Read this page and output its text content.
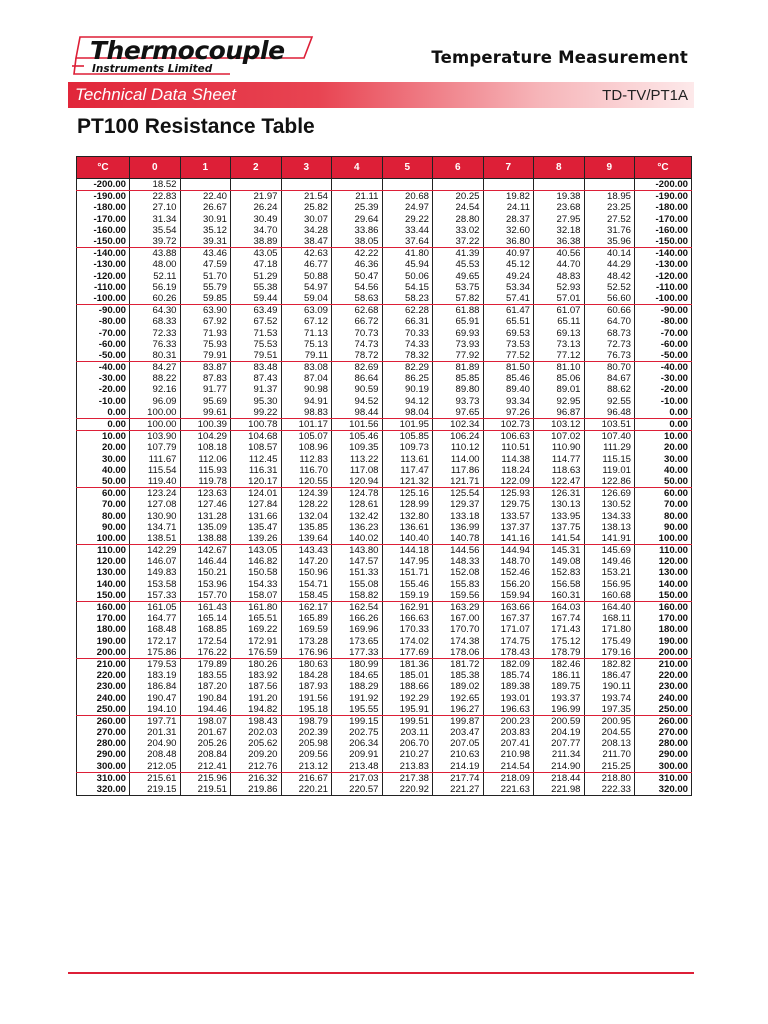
Thermocouple
Instruments Limited
Temperature Measurement
Technical Data Sheet	TD-TV/PT1A
PT100 Resistance Table
°C	0	1	2	3	4	5	6	7	8	9	°C
-200.00	18.52										-200.00
-190.00	22.83	22.40	21.97	21.54	21.11	20.68	20.25	19.82	19.38	18.95	-190.00
-180.00	27.10	26.67	26.24	25.82	25.39	24.97	24.54	24.11	23.68	23.25	-180.00
-170.00	31.34	30.91	30.49	30.07	29.64	29.22	28.80	28.37	27.95	27.52	-170.00
-160.00	35.54	35.12	34.70	34.28	33.86	33.44	33.02	32.60	32.18	31.76	-160.00
-150.00	39.72	39.31	38.89	38.47	38.05	37.64	37.22	36.80	36.38	35.96	-150.00
-140.00	43.88	43.46	43.05	42.63	42.22	41.80	41.39	40.97	40.56	40.14	-140.00
-130.00	48.00	47.59	47.18	46.77	46.36	45.94	45.53	45.12	44.70	44.29	-130.00
-120.00	52.11	51.70	51.29	50.88	50.47	50.06	49.65	49.24	48.83	48.42	-120.00
-110.00	56.19	55.79	55.38	54.97	54.56	54.15	53.75	53.34	52.93	52.52	-110.00
-100.00	60.26	59.85	59.44	59.04	58.63	58.23	57.82	57.41	57.01	56.60	-100.00
-90.00	64.30	63.90	63.49	63.09	62.68	62.28	61.88	61.47	61.07	60.66	-90.00
-80.00	68.33	67.92	67.52	67.12	66.72	66.31	65.91	65.51	65.11	64.70	-80.00
-70.00	72.33	71.93	71.53	71.13	70.73	70.33	69.93	69.53	69.13	68.73	-70.00
-60.00	76.33	75.93	75.53	75.13	74.73	74.33	73.93	73.53	73.13	72.73	-60.00
-50.00	80.31	79.91	79.51	79.11	78.72	78.32	77.92	77.52	77.12	76.73	-50.00
-40.00	84.27	83.87	83.48	83.08	82.69	82.29	81.89	81.50	81.10	80.70	-40.00
-30.00	88.22	87.83	87.43	87.04	86.64	86.25	85.85	85.46	85.06	84.67	-30.00
-20.00	92.16	91.77	91.37	90.98	90.59	90.19	89.80	89.40	89.01	88.62	-20.00
-10.00	96.09	95.69	95.30	94.91	94.52	94.12	93.73	93.34	92.95	92.55	-10.00
0.00	100.00	99.61	99.22	98.83	98.44	98.04	97.65	97.26	96.87	96.48	0.00
0.00	100.00	100.39	100.78	101.17	101.56	101.95	102.34	102.73	103.12	103.51	0.00
10.00	103.90	104.29	104.68	105.07	105.46	105.85	106.24	106.63	107.02	107.40	10.00
20.00	107.79	108.18	108.57	108.96	109.35	109.73	110.12	110.51	110.90	111.29	20.00
30.00	111.67	112.06	112.45	112.83	113.22	113.61	114.00	114.38	114.77	115.15	30.00
40.00	115.54	115.93	116.31	116.70	117.08	117.47	117.86	118.24	118.63	119.01	40.00
50.00	119.40	119.78	120.17	120.55	120.94	121.32	121.71	122.09	122.47	122.86	50.00
60.00	123.24	123.63	124.01	124.39	124.78	125.16	125.54	125.93	126.31	126.69	60.00
70.00	127.08	127.46	127.84	128.22	128.61	128.99	129.37	129.75	130.13	130.52	70.00
80.00	130.90	131.28	131.66	132.04	132.42	132.80	133.18	133.57	133.95	134.33	80.00
90.00	134.71	135.09	135.47	135.85	136.23	136.61	136.99	137.37	137.75	138.13	90.00
100.00	138.51	138.88	139.26	139.64	140.02	140.40	140.78	141.16	141.54	141.91	100.00
110.00	142.29	142.67	143.05	143.43	143.80	144.18	144.56	144.94	145.31	145.69	110.00
120.00	146.07	146.44	146.82	147.20	147.57	147.95	148.33	148.70	149.08	149.46	120.00
130.00	149.83	150.21	150.58	150.96	151.33	151.71	152.08	152.46	152.83	153.21	130.00
140.00	153.58	153.96	154.33	154.71	155.08	155.46	155.83	156.20	156.58	156.95	140.00
150.00	157.33	157.70	158.07	158.45	158.82	159.19	159.56	159.94	160.31	160.68	150.00
160.00	161.05	161.43	161.80	162.17	162.54	162.91	163.29	163.66	164.03	164.40	160.00
170.00	164.77	165.14	165.51	165.89	166.26	166.63	167.00	167.37	167.74	168.11	170.00
180.00	168.48	168.85	169.22	169.59	169.96	170.33	170.70	171.07	171.43	171.80	180.00
190.00	172.17	172.54	172.91	173.28	173.65	174.02	174.38	174.75	175.12	175.49	190.00
200.00	175.86	176.22	176.59	176.96	177.33	177.69	178.06	178.43	178.79	179.16	200.00
210.00	179.53	179.89	180.26	180.63	180.99	181.36	181.72	182.09	182.46	182.82	210.00
220.00	183.19	183.55	183.92	184.28	184.65	185.01	185.38	185.74	186.11	186.47	220.00
230.00	186.84	187.20	187.56	187.93	188.29	188.66	189.02	189.38	189.75	190.11	230.00
240.00	190.47	190.84	191.20	191.56	191.92	192.29	192.65	193.01	193.37	193.74	240.00
250.00	194.10	194.46	194.82	195.18	195.55	195.91	196.27	196.63	196.99	197.35	250.00
260.00	197.71	198.07	198.43	198.79	199.15	199.51	199.87	200.23	200.59	200.95	260.00
270.00	201.31	201.67	202.03	202.39	202.75	203.11	203.47	203.83	204.19	204.55	270.00
280.00	204.90	205.26	205.62	205.98	206.34	206.70	207.05	207.41	207.77	208.13	280.00
290.00	208.48	208.84	209.20	209.56	209.91	210.27	210.63	210.98	211.34	211.70	290.00
300.00	212.05	212.41	212.76	213.12	213.48	213.83	214.19	214.54	214.90	215.25	300.00
310.00	215.61	215.96	216.32	216.67	217.03	217.38	217.74	218.09	218.44	218.80	310.00
320.00	219.15	219.51	219.86	220.21	220.57	220.92	221.27	221.63	221.98	222.33	320.00
